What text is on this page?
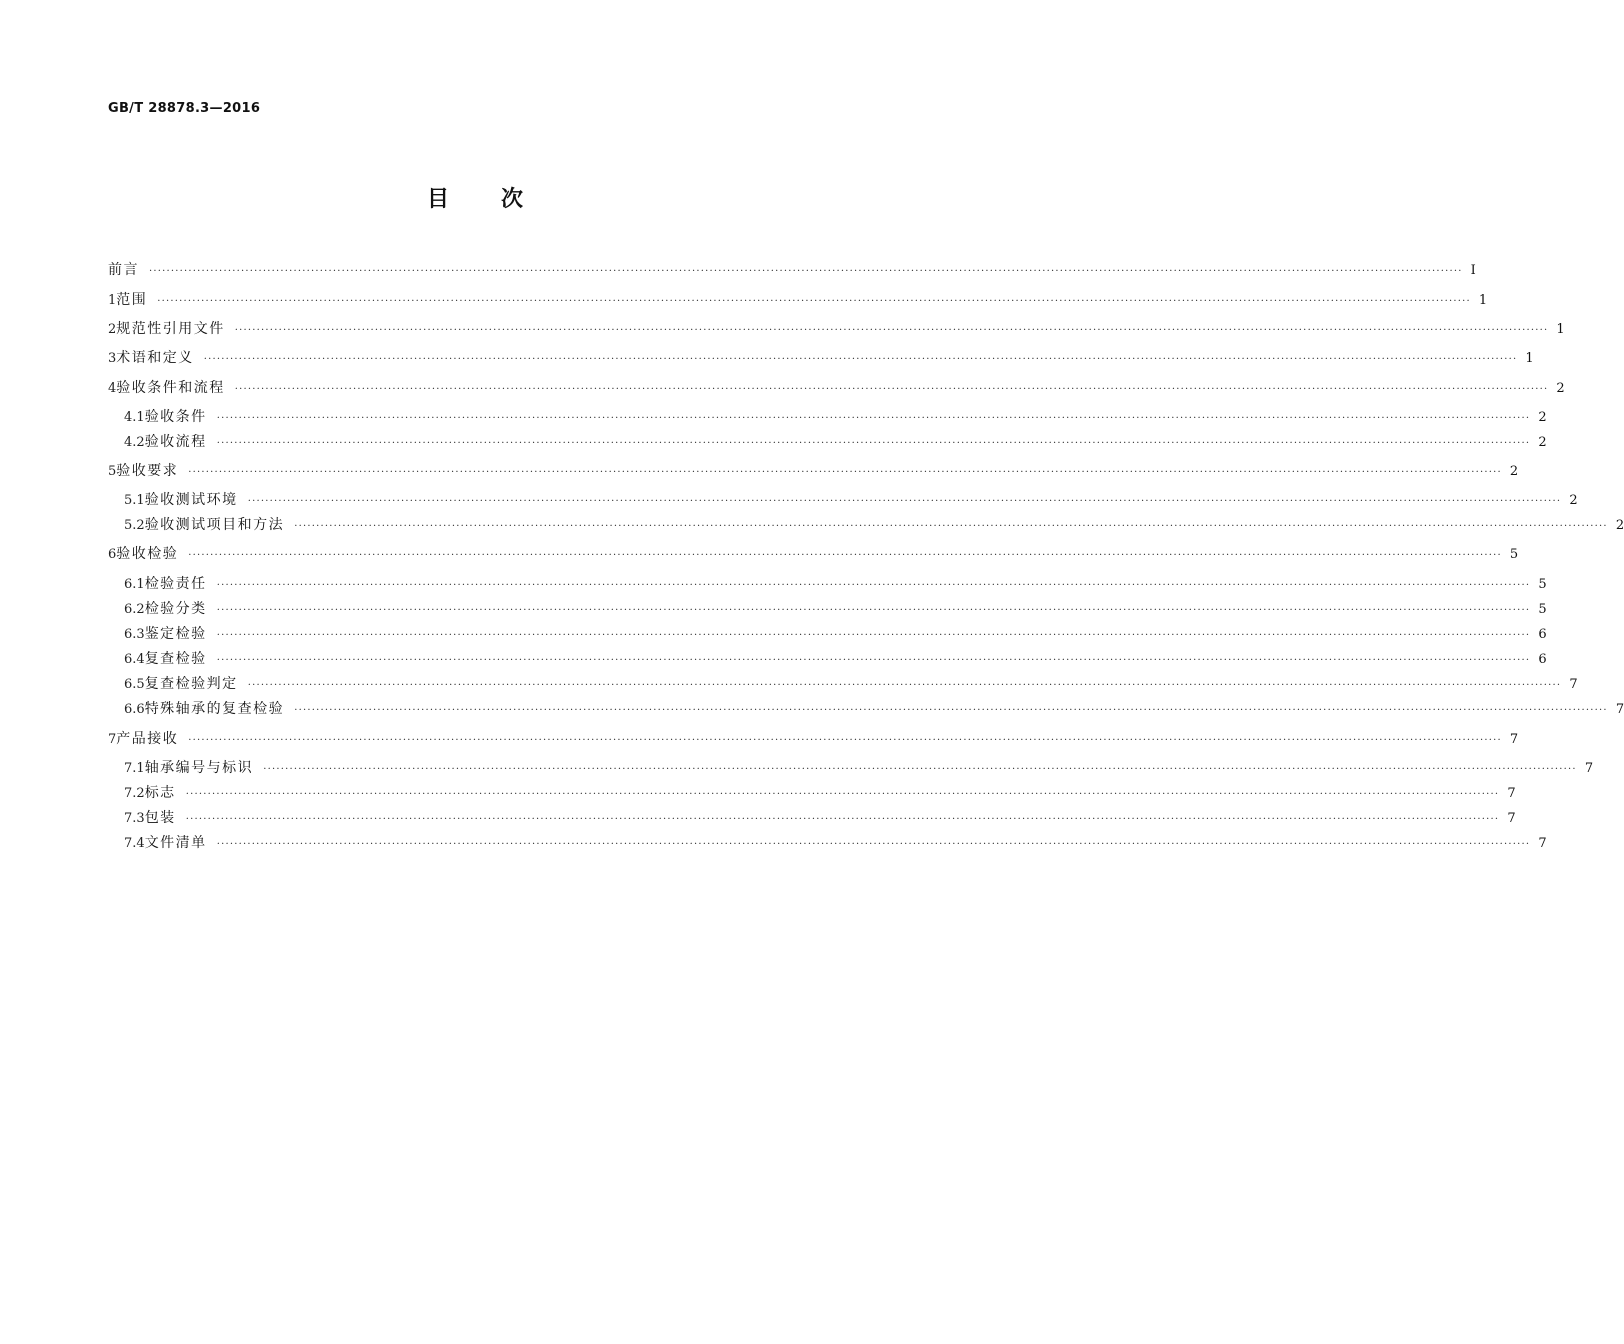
GB/T 28878.3—2016
目次
前言 ············································································································································································································································································································ Ⅰ
1 范围 ············································································································································································································································································································ 1
2 规范性引用文件 ············································································································································································································································································································ 1
3 术语和定义 ············································································································································································································································································································ 1
4 验收条件和流程 ············································································································································································································································································································ 2
4.1 验收条件 ············································································································································································································································································································ 2
4.2 验收流程 ············································································································································································································································································································ 2
5 验收要求 ············································································································································································································································································································ 2
5.1 验收测试环境 ············································································································································································································································································································ 2
5.2 验收测试项目和方法 ············································································································································································································································································································ 2
6 验收检验 ············································································································································································································································································································ 5
6.1 检验责任 ············································································································································································································································································································ 5
6.2 检验分类 ············································································································································································································································································································ 5
6.3 鉴定检验 ············································································································································································································································································································ 6
6.4 复查检验 ············································································································································································································································································································ 6
6.5 复查检验判定 ············································································································································································································································································································ 7
6.6 特殊轴承的复查检验 ············································································································································································································································································································ 7
7 产品接收 ············································································································································································································································································································ 7
7.1 轴承编号与标识 ············································································································································································································································································································ 7
7.2 标志 ············································································································································································································································································································ 7
7.3 包装 ············································································································································································································································································································ 7
7.4 文件清单 ············································································································································································································································································································ 7
